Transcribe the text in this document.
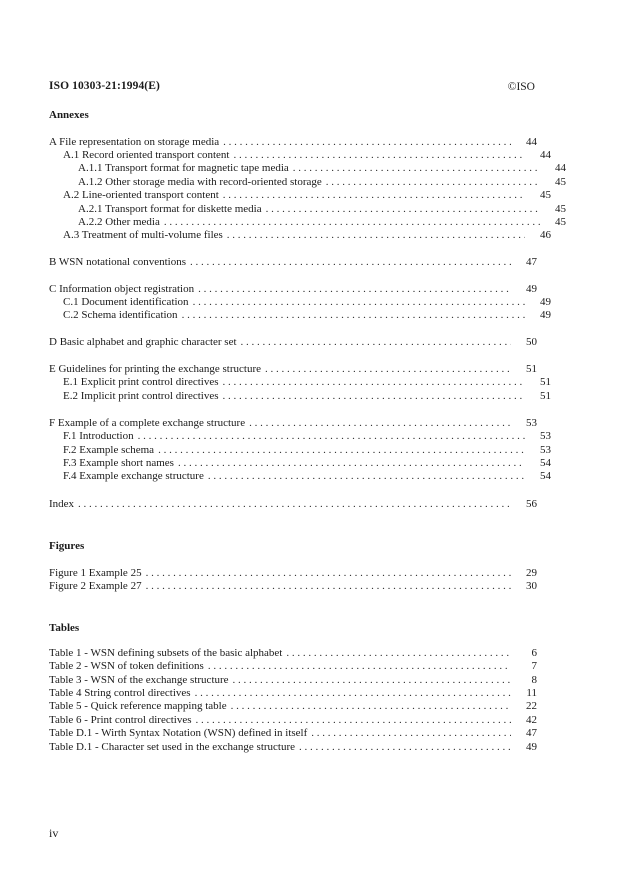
ISO 10303-21:1994(E)	©ISO
Annexes
A File representation on storage media . . .	44
A.1 Record oriented transport content . . .	44
A.1.1 Transport format for magnetic tape media . . .	44
A.1.2 Other storage media with record-oriented storage . . .	45
A.2 Line-oriented transport content . . .	45
A.2.1 Transport format for diskette media . . .	45
A.2.2 Other media . . .	45
A.3 Treatment of multi-volume files . . .	46
B WSN notational conventions . . .	47
C Information object registration . . .	49
C.1 Document identification . . .	49
C.2 Schema identification . . .	49
D Basic alphabet and graphic character set . . .	50
E Guidelines for printing the exchange structure . . .	51
E.1 Explicit print control directives . . .	51
E.2 Implicit print control directives . . .	51
F Example of a complete exchange structure . . .	53
F.1 Introduction . . .	53
F.2 Example schema . . .	53
F.3 Example short names . . .	54
F.4 Example exchange structure . . .	54
Index . . .	56
Figures
Figure 1 Example 25 . . .	29
Figure 2 Example 27 . . .	30
Tables
Table 1 - WSN defining subsets of the basic alphabet . . .	6
Table 2 - WSN of token definitions . . .	7
Table 3 - WSN of the exchange structure . . .	8
Table 4 String control directives . . .	11
Table 5 - Quick reference mapping table . . .	22
Table 6 - Print control directives . . .	42
Table D.1 - Wirth Syntax Notation (WSN) defined in itself . . .	47
Table D.1 - Character set used in the exchange structure . . .	49
iv
